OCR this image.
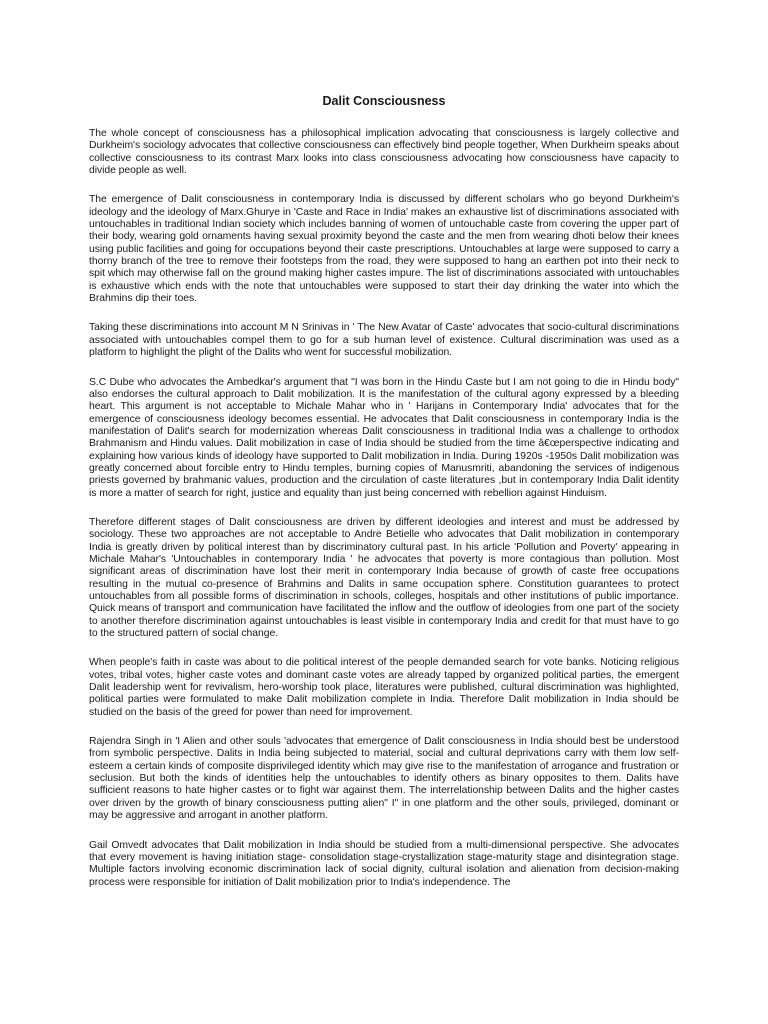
Dalit Consciousness

The whole concept of consciousness has a philosophical implication advocating that consciousness is largely collective and Durkheim's sociology advocates that collective consciousness can effectively bind people together, When Durkheim speaks about collective consciousness to its contrast Marx looks into class consciousness advocating how consciousness have capacity to divide people as well.

The emergence of Dalit consciousness in contemporary India is discussed by different scholars who go beyond Durkheim's ideology and the ideology of Marx.Ghurye in 'Caste and Race in India' makes an exhaustive list of discriminations associated with untouchables in traditional Indian society which includes banning of women of untouchable caste from covering the upper part of their body, wearing gold ornaments having sexual proximity beyond the caste and the men from wearing dhoti below their knees using public facilities and going for occupations beyond their caste prescriptions. Untouchables at large were supposed to carry a thorny branch of the tree to remove their footsteps from the road, they were supposed to hang an earthen pot into their neck to spit which may otherwise fall on the ground making higher castes impure. The list of discriminations associated with untouchables is exhaustive which ends with the note that untouchables were supposed to start their day drinking the water into which the Brahmins dip their toes.

Taking these discriminations into account M N Srinivas in ' The New Avatar of Caste' advocates that socio-cultural discriminations associated with untouchables compel them to go for a sub human level of existence. Cultural discrimination was used as a platform to highlight the plight of the Dalits who went for successful mobilization.

S.C Dube who advocates the Ambedkar's argument that "I was born in the Hindu Caste but I am not going to die in Hindu body" also endorses the cultural approach to Dalit mobilization. It is the manifestation of the cultural agony expressed by a bleeding heart. This argument is not acceptable to Michale Mahar who in ' Harijans in Contemporary India' advocates that for the emergence of consciousness ideology becomes essential. He advocates that Dalit consciousness in contemporary India is the manifestation of Dalit's search for modernization whereas Dalit consciousness in traditional India was a challenge to orthodox Brahmanism and Hindu values. Dalit mobilization in case of India should be studied from the time â€œperspective indicating and explaining how various kinds of ideology have supported to Dalit mobilization in India. During 1920s -1950s Dalit mobilization was greatly concerned about forcible entry to Hindu temples, burning copies of Manusmriti, abandoning the services of indigenous priests governed by brahmanic values, production and the circulation of caste literatures ,but in contemporary India Dalit identity is more a matter of search for right, justice and equality than just being concerned with rebellion against Hinduism.

Therefore different stages of Dalit consciousness are driven by different ideologies and interest and must be addressed by sociology. These two approaches are not acceptable to Andre Betielle who advocates that Dalit mobilization in contemporary India is greatly driven by political interest than by discriminatory cultural past. In his article 'Pollution and Poverty' appearing in Michale Mahar's 'Untouchables in contemporary India ' he advocates that poverty is more contagious than pollution. Most significant areas of discrimination have lost their merit in contemporary India because of growth of caste free occupations resulting in the mutual co-presence of Brahmins and Dalits in same occupation sphere. Constitution guarantees to protect untouchables from all possible forms of discrimination in schools, colleges, hospitals and other institutions of public importance. Quick means of transport and communication have facilitated the inflow and the outflow of ideologies from one part of the society to another therefore discrimination against untouchables is least visible in contemporary India and credit for that must have to go to the structured pattern of social change.

When people's faith in caste was about to die political interest of the people demanded search for vote banks. Noticing religious votes, tribal votes, higher caste votes and dominant caste votes are already tapped by organized political parties, the emergent Dalit leadership went for revivalism, hero-worship took place, literatures were published, cultural discrimination was highlighted, political parties were formulated to make Dalit mobilization complete in India. Therefore Dalit mobilization in India should be studied on the basis of the greed for power than need for improvement.

Rajendra Singh in 'I Alien and other souls 'advocates that emergence of Dalit consciousness in India should best be understood from symbolic perspective. Dalits in India being subjected to material, social and cultural deprivations carry with them low self-esteem a certain kinds of composite disprivileged identity which may give rise to the manifestation of arrogance and frustration or seclusion. But both the kinds of identities help the untouchables to identify others as binary opposites to them. Dalits have sufficient reasons to hate higher castes or to fight war against them. The interrelationship between Dalits and the higher castes over driven by the growth of binary consciousness putting alien" I" in one platform and the other souls, privileged, dominant or may be aggressive and arrogant in another platform.

Gail Omvedt advocates that Dalit mobilization in India should be studied from a multi-dimensional perspective. She advocates that every movement is having initiation stage- consolidation stage-crystallization stage-maturity stage and disintegration stage. Multiple factors involving economic discrimination lack of social dignity, cultural isolation and alienation from decision-making process were responsible for initiation of Dalit mobilization prior to India's independence. The
